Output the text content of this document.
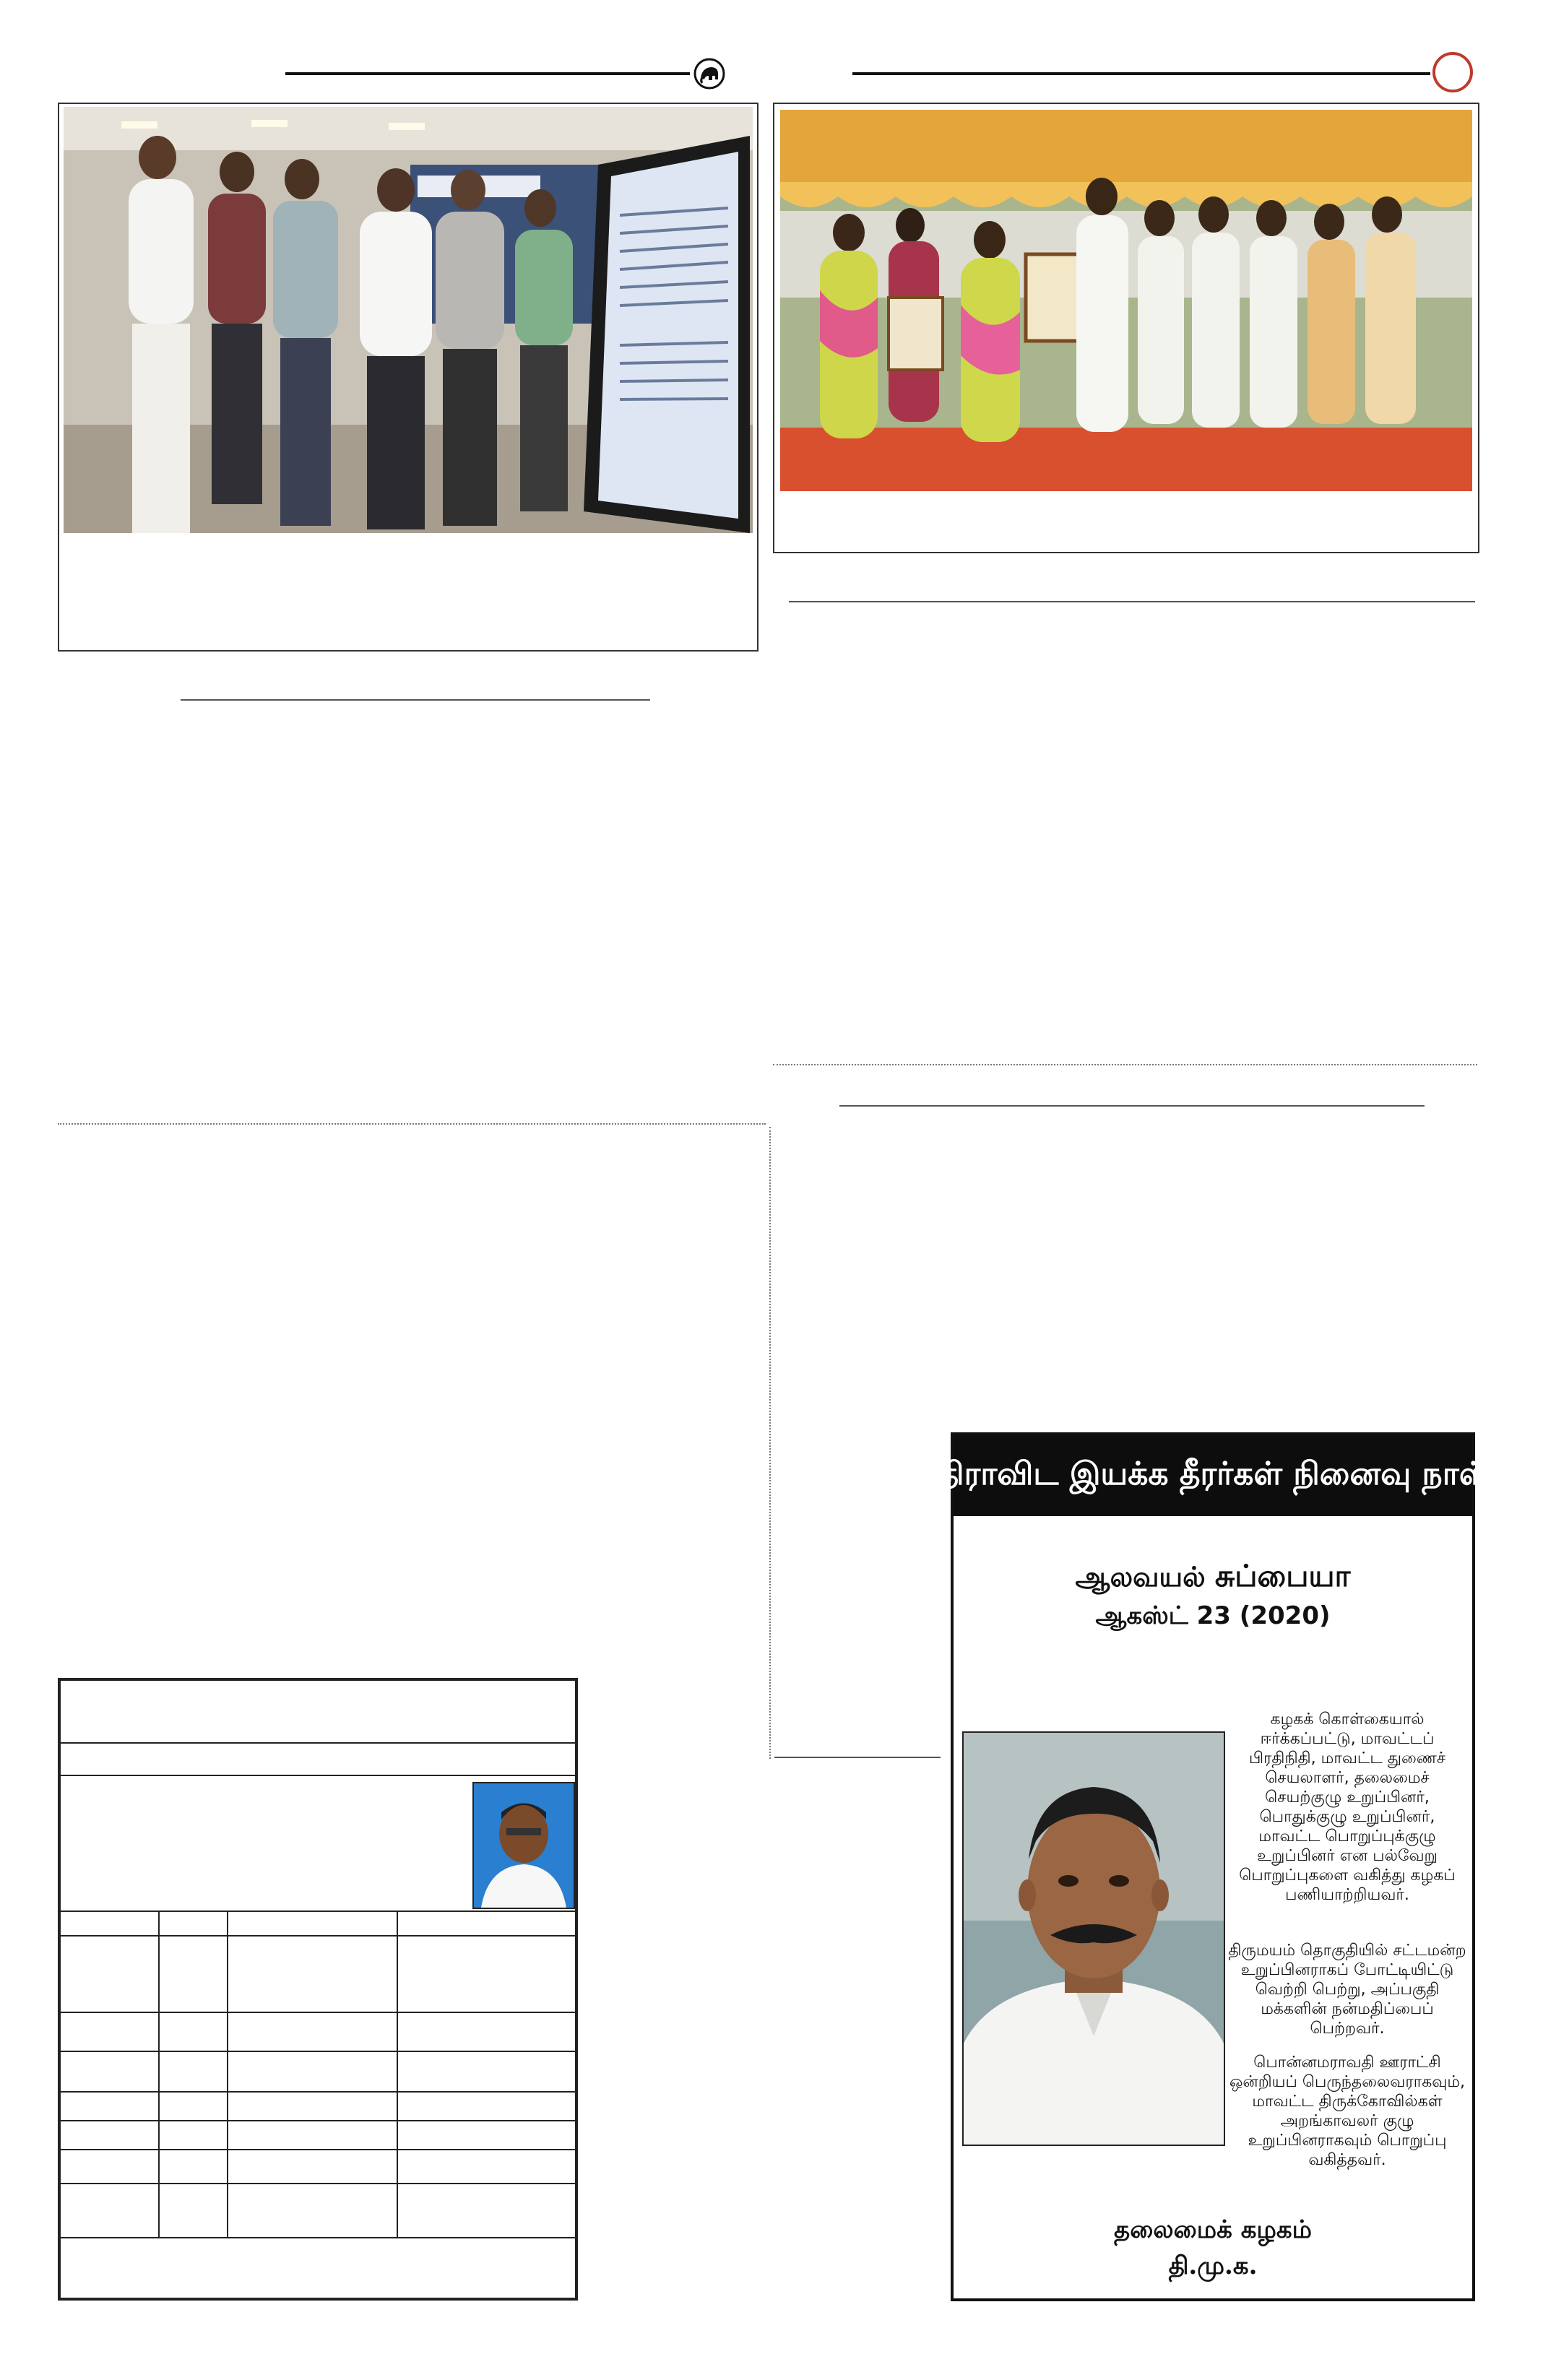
திராவிட இயக்க தீரர்கள் நினைவு நாள்
ஆலவயல் சுப்பையா
ஆகஸ்ட் 23 (2020)
கழகக் கொள்கையால் ஈர்க்கப்பட்டு, மாவட்டப் பிரதிநிதி, மாவட்ட துணைச் செயலாளர், தலைமைச் செயற்குழு உறுப்பினர், பொதுக்குழு உறுப்பினர், மாவட்ட பொறுப்புக்குழு உறுப்பினர் என பல்வேறு பொறுப்புகளை வகித்து கழகப் பணியாற்றியவர்.
திருமயம் தொகுதியில் சட்டமன்ற உறுப்பினராகப் போட்டியிட்டு வெற்றி பெற்று, அப்பகுதி மக்களின் நன்மதிப்பைப் பெற்றவர்.
பொன்னமராவதி ஊராட்சி ஒன்றியப் பெருந்தலைவராகவும், மாவட்ட திருக்கோவில்கள் அறங்காவலர் குழு உறுப்பினராகவும் பொறுப்பு வகித்தவர்.
தலைமைக் கழகம்
தி.மு.க.
